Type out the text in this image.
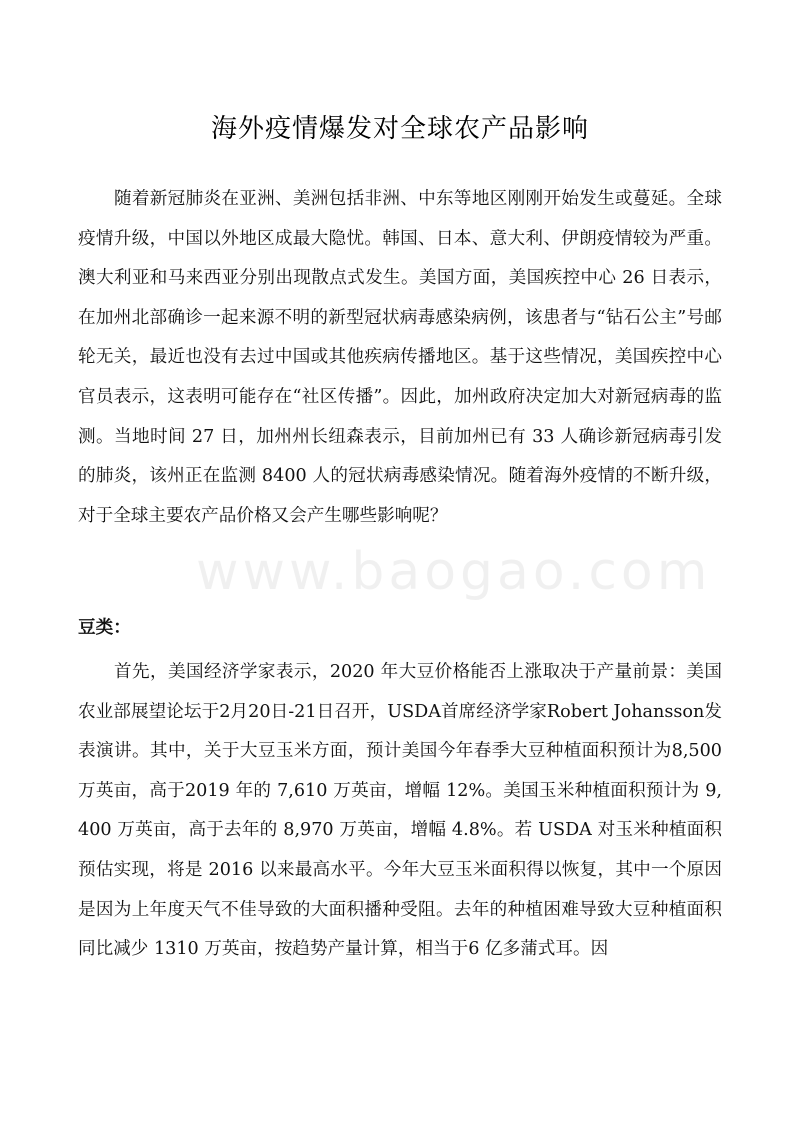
海外疫情爆发对全球农产品影响

随着新冠肺炎在亚洲、美洲包括非洲、中东等地区刚刚开始发生或蔓延。全球疫情升级，中国以外地区成最大隐忧。韩国、日本、意大利、伊朗疫情较为严重。澳大利亚和马来西亚分别出现散点式发生。美国方面，美国疾控中心 26 日表示，在加州北部确诊一起来源不明的新型冠状病毒感染病例，该患者与“钻石公主”号邮轮无关，最近也没有去过中国或其他疾病传播地区。基于这些情况，美国疾控中心官员表示，这表明可能存在“社区传播”。因此，加州政府决定加大对新冠病毒的监测。当地时间 27 日，加州州长纽森表示，目前加州已有 33 人确诊新冠病毒引发的肺炎，该州正在监测 8400 人的冠状病毒感染情况。随着海外疫情的不断升级，对于全球主要农产品价格又会产生哪些影响呢？

www.baogao.com
豆类：

首先，美国经济学家表示，2020 年大豆价格能否上涨取决于产量前景：美国农业部展望论坛于2月20日-21日召开，USDA首席经济学家Robert Johansson发表演讲。其中，关于大豆玉米方面，预计美国今年春季大豆种植面积预计为8,500 万英亩，高于2019 年的 7,610 万英亩，增幅 12%。美国玉米种植面积预计为 9,400 万英亩，高于去年的 8,970 万英亩，增幅 4.8%。若 USDA 对玉米种植面积预估实现，将是 2016 以来最高水平。今年大豆玉米面积得以恢复，其中一个原因是因为上年度天气不佳导致的大面积播种受阻。去年的种植困难导致大豆种植面积同比减少 1310 万英亩，按趋势产量计算，相当于6 亿多蒲式耳。因
